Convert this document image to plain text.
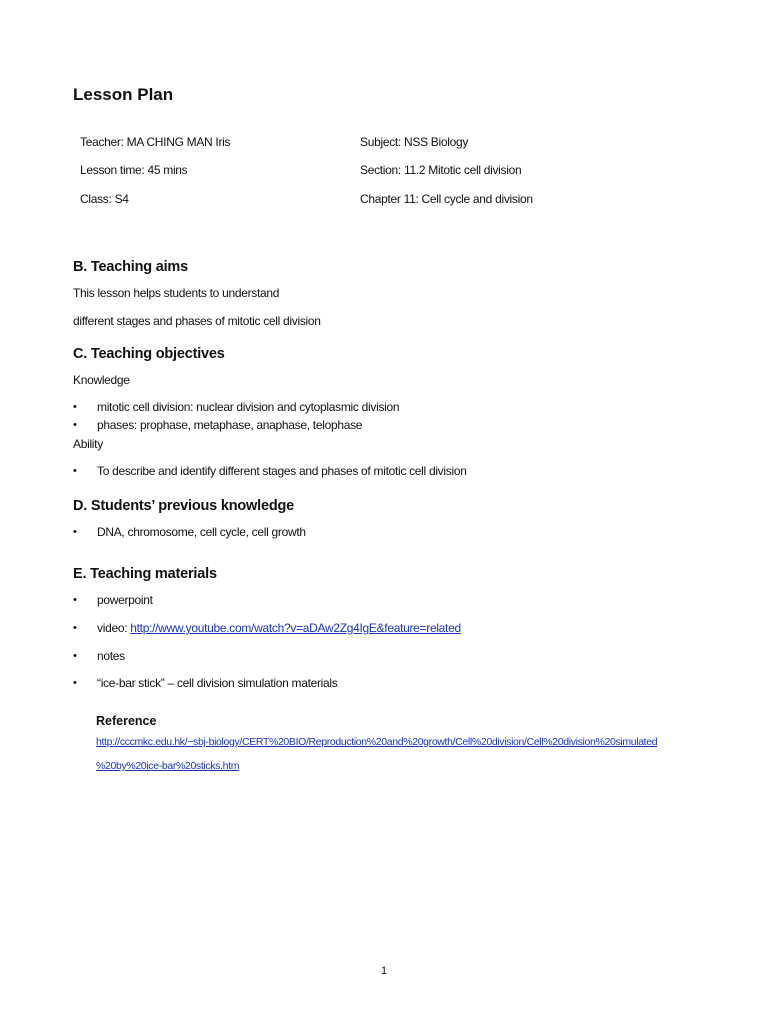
Lesson Plan
Teacher: MA CHING MAN Iris
Lesson time: 45 mins
Class: S4
Subject: NSS Biology
Section: 11.2 Mitotic cell division
Chapter 11: Cell cycle and division
B. Teaching aims
This lesson helps students to understand
different stages and phases of mitotic cell division
C. Teaching objectives
Knowledge
• mitotic cell division: nuclear division and cytoplasmic division
• phases: prophase, metaphase, anaphase, telophase
Ability
• To describe and identify different stages and phases of mitotic cell division
D. Students’ previous knowledge
• DNA, chromosome, cell cycle, cell growth
E. Teaching materials
• powerpoint
• video: http://www.youtube.com/watch?v=aDAw2Zg4IgE&feature=related
• notes
• “ice-bar stick” – cell division simulation materials
Reference
http://cccmkc.edu.hk/~sbj-biology/CERT%20BIO/Reproduction%20and%20growth/Cell%20division/Cell%20division%20simulated
%20by%20ice-bar%20sticks.htm
1
